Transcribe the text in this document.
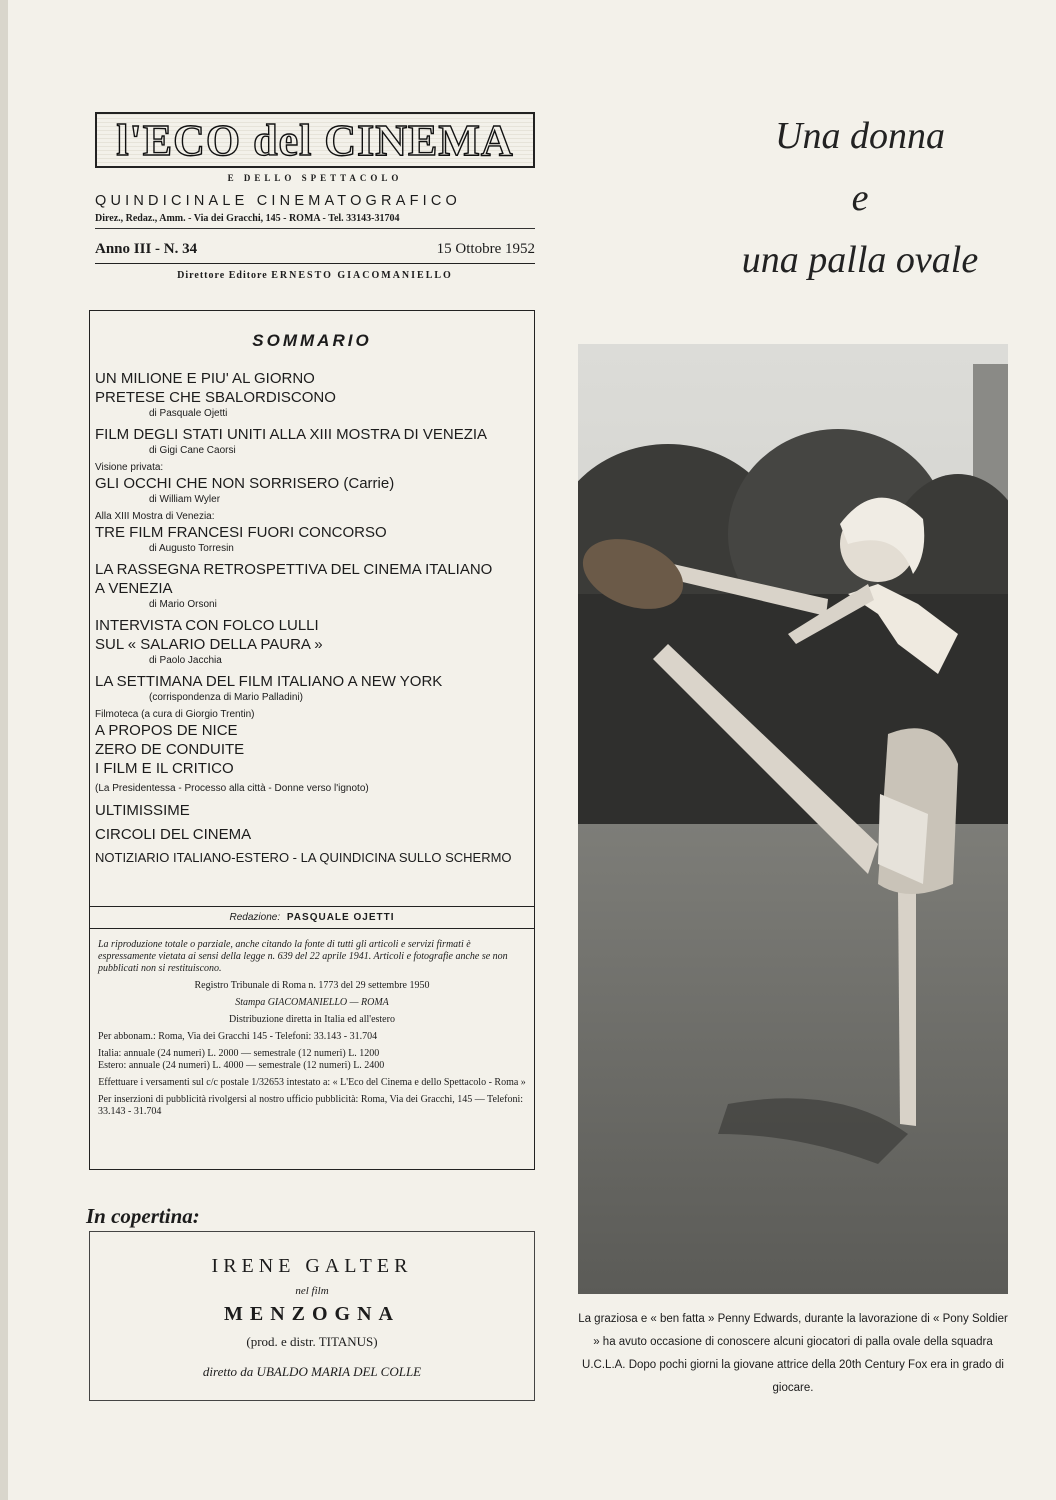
l'ECO del CINEMA
E DELLO SPETTACOLO
QUINDICINALE CINEMATOGRAFICO
Direz., Redaz., Amm. - Via dei Gracchi, 145 - ROMA - Tel. 33143-31704
Anno III - N. 34	15 Ottobre 1952
Direttore Editore ERNESTO GIACOMANIELLO
SOMMARIO
UN MILIONE E PIU' AL GIORNO
PRETESE CHE SBALORDISCONO
di Pasquale Ojetti
FILM DEGLI STATI UNITI ALLA XIII MOSTRA DI VENEZIA
di Gigi Cane Caorsi
Visione privata:
GLI OCCHI CHE NON SORRISERO (Carrie)
di William Wyler
Alla XIII Mostra di Venezia:
TRE FILM FRANCESI FUORI CONCORSO
di Augusto Torresin
LA RASSEGNA RETROSPETTIVA DEL CINEMA ITALIANO
A VENEZIA
di Mario Orsoni
INTERVISTA CON FOLCO LULLI
SUL « SALARIO DELLA PAURA »
di Paolo Jacchia
LA SETTIMANA DEL FILM ITALIANO A NEW YORK
(corrispondenza di Mario Palladini)
Filmoteca (a cura di Giorgio Trentin)
A PROPOS DE NICE
ZERO DE CONDUITE
I FILM E IL CRITICO
(La Presidentessa - Processo alla città - Donne verso l'ignoto)
ULTIMISSIME
CIRCOLI DEL CINEMA
NOTIZIARIO ITALIANO-ESTERO - LA QUINDICINA SULLO SCHERMO
Redazione: PASQUALE OJETTI

La riproduzione totale o parziale, anche citando la fonte di tutti gli articoli e servizi firmati è espressamente vietata ai sensi della legge n. 639 del 22 aprile 1941. Articoli e fotografie anche se non pubblicati non si restituiscono.

Registro Tribunale di Roma n. 1773 del 29 settembre 1950

Stampa GIACOMANIELLO — ROMA

Distribuzione diretta in Italia ed all'estero

Per abbonam.: Roma, Via dei Gracchi 145 - Telefoni: 33.143 - 31.704

Italia: annuale (24 numeri) L. 2000 — semestrale (12 numeri) L. 1200

Estero: annuale (24 numeri) L. 4000 — semestrale (12 numeri) L. 2400

Effettuare i versamenti sul c/c postale 1/32653 intestato a: « L'Eco del Cinema e dello Spettacolo - Roma »

Per inserzioni di pubblicità rivolgersi al nostro ufficio pubblicità: Roma, Via dei Gracchi, 145 — Telefoni: 33.143 - 31.704

In copertina:
IRENE GALTER
nel film
MENZOGNA
(prod. e distr. TITANUS)
diretto da UBALDO MARIA DEL COLLE
Una donna
e
una palla ovale
La graziosa e « ben fatta » Penny Edwards, durante la lavorazione di « Pony Soldier » ha avuto occasione di conoscere alcuni giocatori di palla ovale della squadra U.C.L.A. Dopo pochi giorni la giovane attrice della 20th Century Fox era in grado di giocare.
